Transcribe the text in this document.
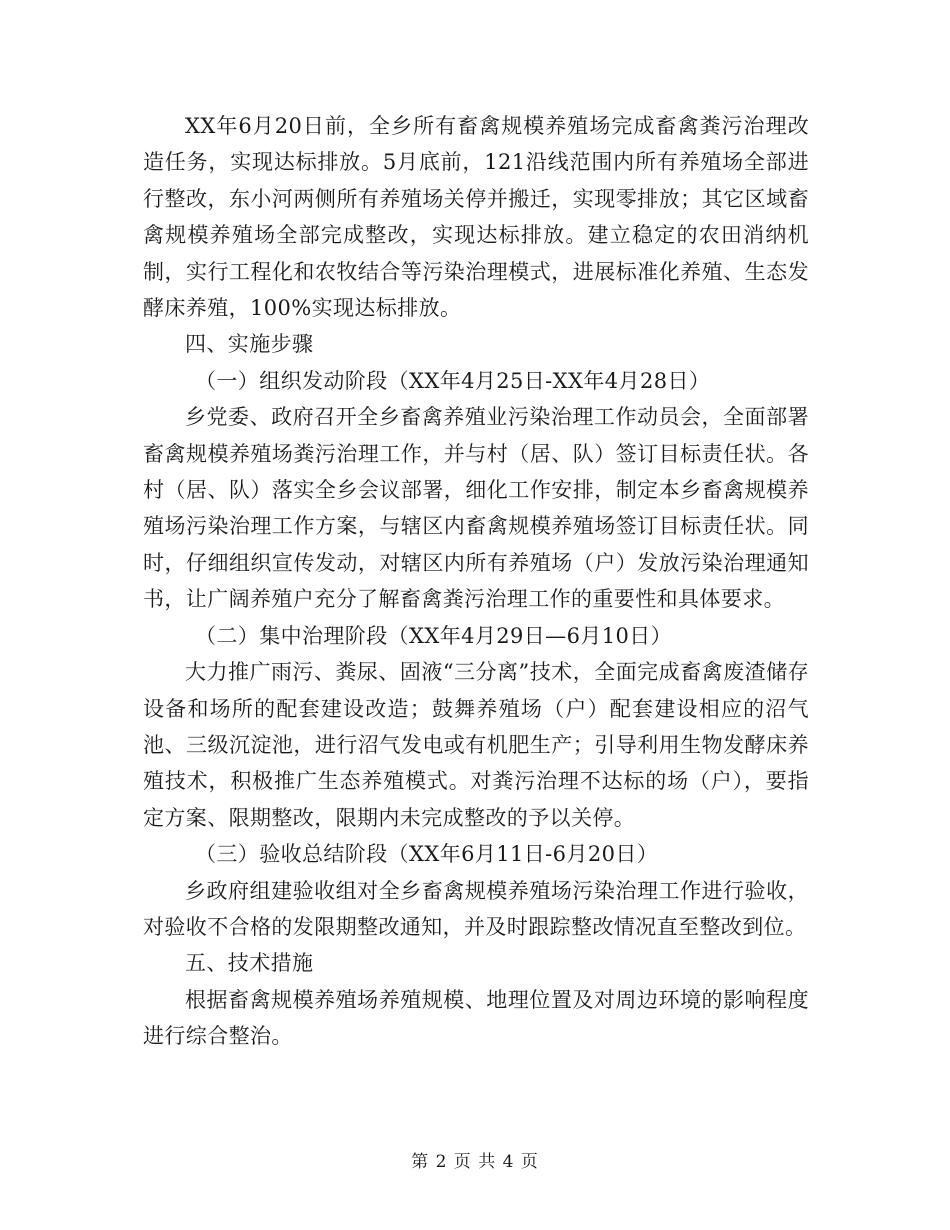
XX年6月20日前，全乡所有畜禽规模养殖场完成畜禽粪污治理改造任务，实现达标排放。5月底前，121沿线范围内所有养殖场全部进行整改，东小河两侧所有养殖场关停并搬迁，实现零排放；其它区域畜禽规模养殖场全部完成整改，实现达标排放。建立稳定的农田消纳机制，实行工程化和农牧结合等污染治理模式，进展标准化养殖、生态发酵床养殖，100%实现达标排放。

四、实施步骤

（一）组织发动阶段（XX年4月25日-XX年4月28日）

乡党委、政府召开全乡畜禽养殖业污染治理工作动员会，全面部署畜禽规模养殖场粪污治理工作，并与村（居、队）签订目标责任状。各村（居、队）落实全乡会议部署，细化工作安排，制定本乡畜禽规模养殖场污染治理工作方案，与辖区内畜禽规模养殖场签订目标责任状。同时，仔细组织宣传发动，对辖区内所有养殖场（户）发放污染治理通知书，让广阔养殖户充分了解畜禽粪污治理工作的重要性和具体要求。

（二）集中治理阶段（XX年4月29日—6月10日）

大力推广雨污、粪尿、固液“三分离”技术，全面完成畜禽废渣储存设备和场所的配套建设改造；鼓舞养殖场（户）配套建设相应的沼气池、三级沉淀池，进行沼气发电或有机肥生产；引导利用生物发酵床养殖技术，积极推广生态养殖模式。对粪污治理不达标的场（户），要指定方案、限期整改，限期内未完成整改的予以关停。

（三）验收总结阶段（XX年6月11日-6月20日）

乡政府组建验收组对全乡畜禽规模养殖场污染治理工作进行验收，对验收不合格的发限期整改通知，并及时跟踪整改情况直至整改到位。

五、技术措施

根据畜禽规模养殖场养殖规模、地理位置及对周边环境的影响程度进行综合整治。

第 2 页 共 4 页
